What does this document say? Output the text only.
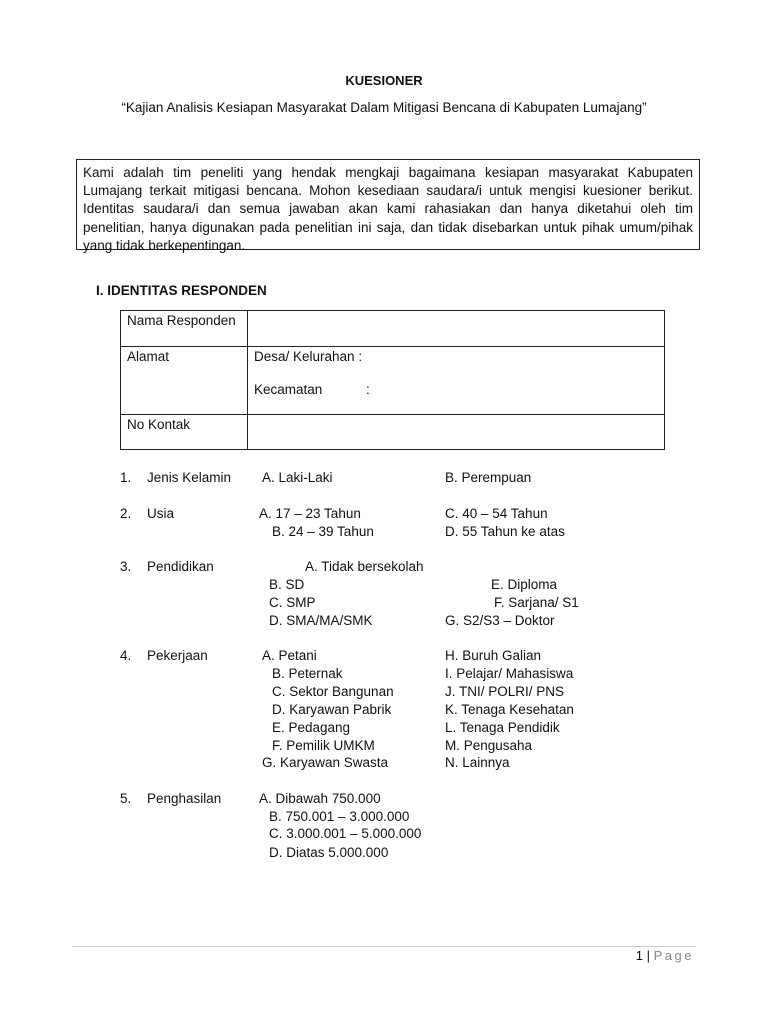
KUESIONER
“Kajian Analisis Kesiapan Masyarakat Dalam Mitigasi Bencana di Kabupaten Lumajang”
Kami adalah tim peneliti yang hendak mengkaji bagaimana kesiapan masyarakat Kabupaten Lumajang terkait mitigasi bencana. Mohon kesediaan saudara/i untuk mengisi kuesioner berikut. Identitas saudara/i dan semua jawaban akan kami rahasiakan dan hanya diketahui oleh tim penelitian, hanya digunakan pada penelitian ini saja, dan tidak disebarkan untuk pihak umum/pihak yang tidak berkepentingan.
I. IDENTITAS RESPONDEN
Nama Responden	
Alamat	Desa/ Kelurahan :
Kecamatan :

No Kontak	
1. Jenis Kelamin A. Laki-Laki	B. Perempuan
2. Usia	A. 17 – 23 Tahun
B. 24 – 39 Tahun
C. 40 – 54 Tahun
D. 55 Tahun ke atas
3. Pendidikan	A. Tidak bersekolah
B. SD
C. SMP
D. SMA/MA/SMK
E. Diploma
F. Sarjana/ S1
G. S2/S3 – Doktor
4. Pekerjaan	A. Petani
B. Peternak
C. Sektor Bangunan
D. Karyawan Pabrik
E. Pedagang
F. Pemilik UMKM
G. Karyawan Swasta
H. Buruh Galian
I. Pelajar/ Mahasiswa
J. TNI/ POLRI/ PNS
K. Tenaga Kesehatan
L. Tenaga Pendidik
M. Pengusaha
N. Lainnya
5. Penghasilan	A. Dibawah 750.000
B. 750.001 – 3.000.000
C. 3.000.001 – 5.000.000
D. Diatas 5.000.000
1 | Page
